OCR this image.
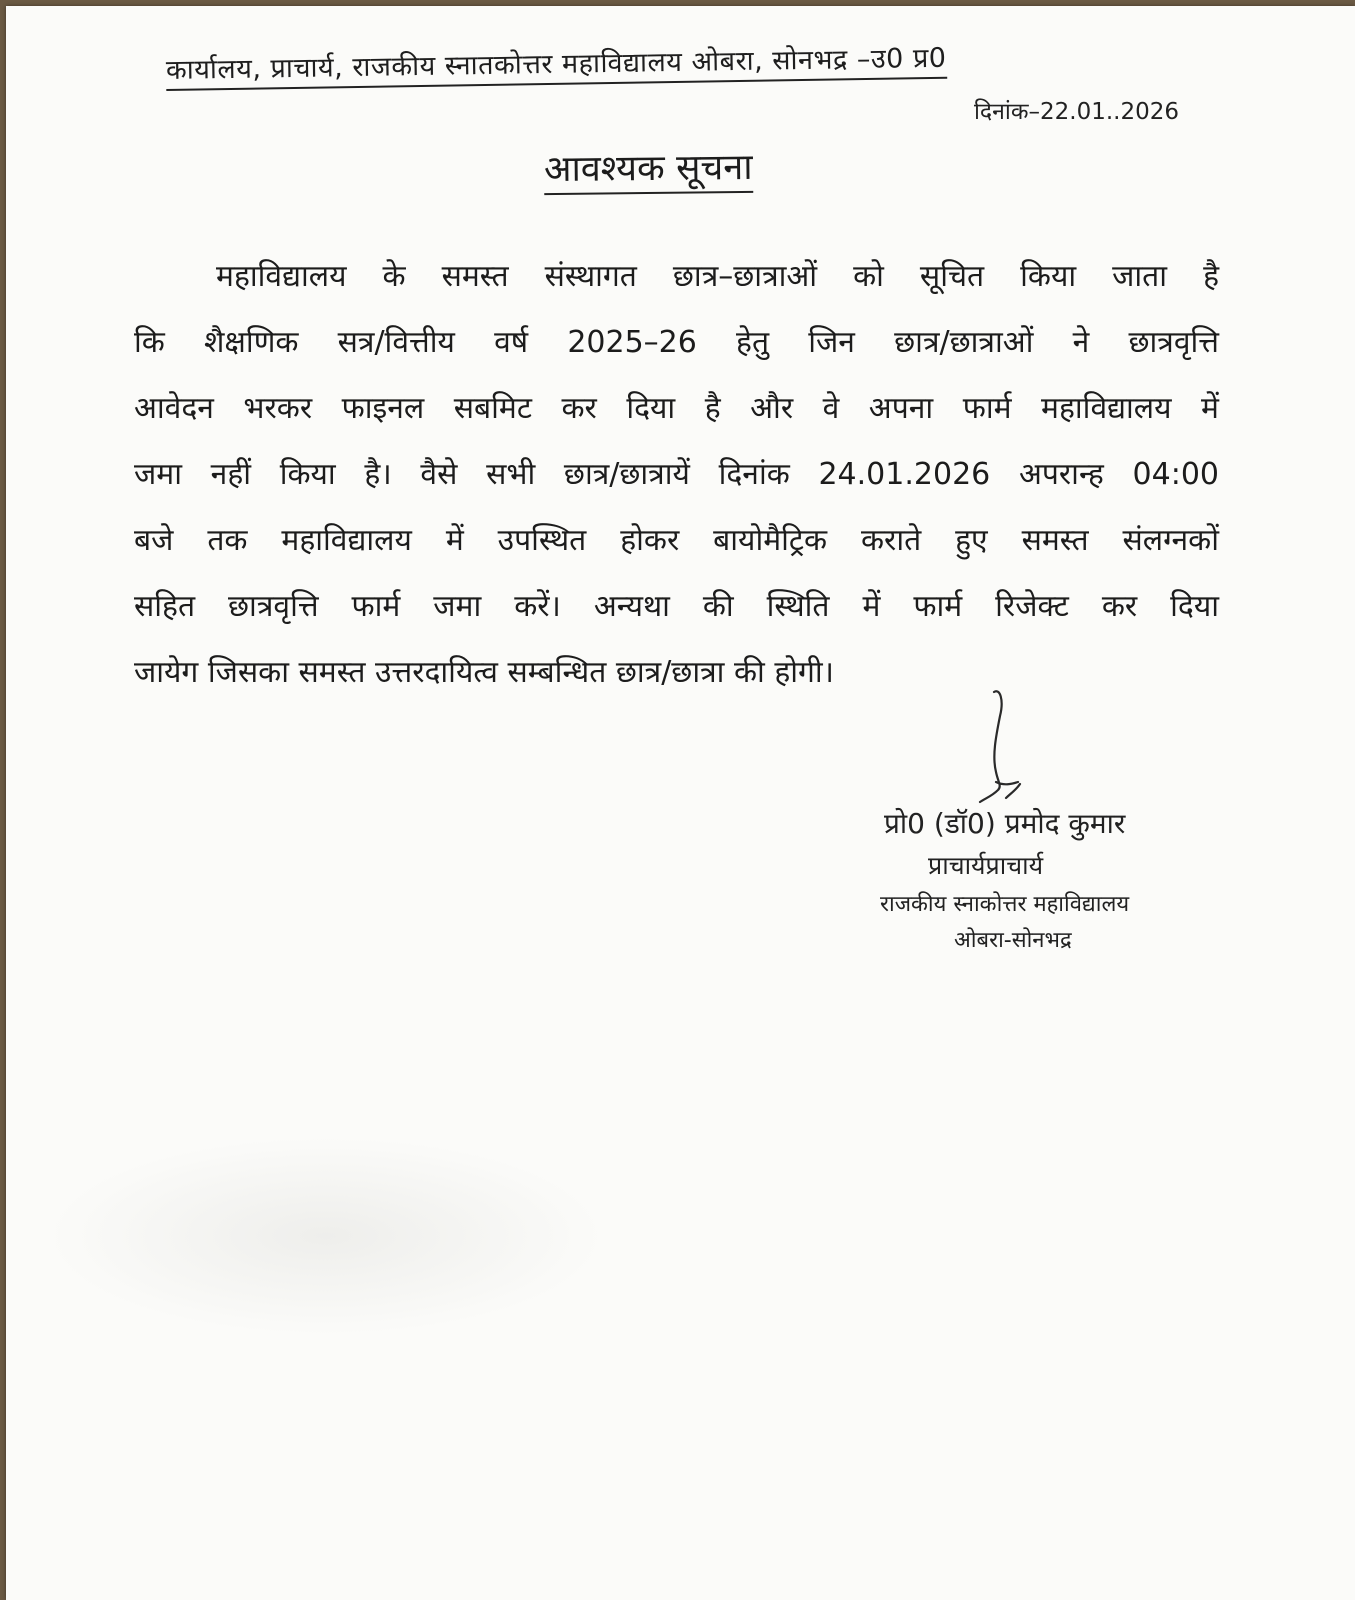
कार्यालय, प्राचार्य, राजकीय स्नातकोत्तर महाविद्यालय ओबरा, सोनभद्र –उ0 प्र0
दिनांक–22.01..2026
आवश्यक सूचना
महाविद्यालय के समस्त संस्थागत छात्र–छात्राओं को सूचित किया जाता है
कि शैक्षणिक सत्र/वित्तीय वर्ष 2025–26 हेतु जिन छात्र/छात्राओं ने छात्रवृत्ति
आवेदन भरकर फाइनल सबमिट कर दिया है और वे अपना फार्म महाविद्यालय में
जमा नहीं किया है। वैसे सभी छात्र/छात्रायें दिनांक 24.01.2026 अपरान्ह 04:00
बजे तक महाविद्यालय में उपस्थित होकर बायोमैट्रिक कराते हुए समस्त संलग्नकों
सहित छात्रवृत्ति फार्म जमा करें। अन्यथा की स्थिति में फार्म रिजेक्ट कर दिया
जायेग जिसका समस्त उत्तरदायित्व सम्बन्धित छात्र/छात्रा की होगी।
प्रो0 (डॉ0) प्रमोद कुमार
प्राचार्यप्राचार्य
राजकीय स्नाकोत्तर महाविद्यालय
ओबरा-सोनभद्र
